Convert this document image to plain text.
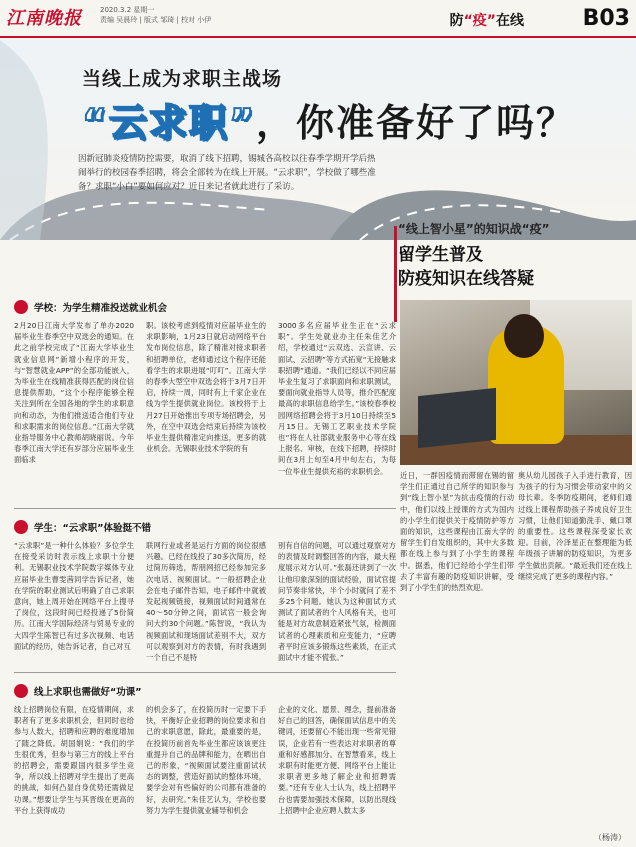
江南晚报	2020.3.2 星期一
责编 吴晨玲 | 版式 邹琦 | 校对 小伊	防“疫”在线	B03
当线上成为求职主战场
“云求职”，你准备好了吗？
因新冠肺炎疫情防控需要，取消了线下招聘，锡城各高校以往春季学期开学后热闹举行的校园春季招聘，将会全部转为在线上开展。“云求职”，学校做了哪些准备？求职“小白”要如何应对？近日来记者就此进行了采访。
“线上智小星”的知识战“疫”
留学生普及
防疫知识在线答疑
学校：为学生精准投送就业机会
2月20日江南大学发布了单办2020届毕业生春季空中双选会的通知。在此之前学校完成了“江南大学毕业生就业信息网”新增小程序的开发，与“智慧就业APP”的全部功能嵌入，为毕业生在线精准获得匹配的岗位信息提供帮助，“这个小程序能够全程关注到所在全国各地的学生的求职意向和动态，为他们推送适合他们专业和求职需求的岗位信息。”江南大学就业指导服务中心教师胡晓丽说。今年春季江南大学还有岁部分应届毕业生面临求
职。该校考虑到疫情对应届毕业生的求职影响，1月23日就启动网络平台发布岗位信息，除了精准对接求职者和招聘单位，老师通过这个程序还能看学生的求职进展“叮叮”。江南大学的春季大型空中双选会将于3月7日开启，持续一周，同时有上千家企业在线为学生提供就业岗位。该校将于上月27日开始推出专项专场招聘会，另外，在空中双选会结束后持续为该校毕业生提供精准定向推送，更多的就业机会。无锡职业技术学院的有
3000多名应届毕业生正在“云求职”。学生处就业办主任朱佳艺介绍，学校通过“云双选、云宣讲、云面试、云招聘”等方式拓宽“无接触求职招聘”通道。“我们已经以不同应届毕业生复习了求职面向和求职测试，要面向就业指导人员等，推介匹配度最高的求职信息给学生。”该校春季校园网络招聘会将于3月10日持续至5月15日。无锡工艺职业技术学院也“将在人社部就业服务中心等在线上报名、审核，在线下招聘，持续时间在3月上旬至4月中旬左右，为每一位毕业生提供充裕的求职机会。
学生：“云求职”体验挺不错
“云求职”是一种什么体验？多位学生在接受采访时表示线上求职十分便利。无锡职业技术学院数字媒体专业应届毕业生曹雯茜同学告诉记者，她在学院的职业测试后明确了自己求职意向，她上周开始在网络平台上搜寻了岗位，这段时间已经投递了5份简历。江南大学国际经济与贸易专业的大四学生陈智已有过多次视频、电话面试的经历，她告诉记者，自己对互
联网行业或者是运行方面的岗位很感兴趣。已经在线投了30多次简历，经过简历筛选，帮朋网招已经参加完多次电话、视频面试。“一般招聘企业会在电子邮件告知，电子邮件中就被发起视频链接，视频面试时间通常在40～50分钟之间，面试官一般会询问大约30个问题。”陈智说，“我认为视频面试和现场面试差别不大，双方可以观察到对方的表情，有时我遇到一个自己不是特
别有自信的问题，可以通过观察对方的表情及时调整回答的内容，最大程度展示对方认可。”张磊还讲到了一次让他印象深刻的面试经验，面试官提问节奏非常快，半个小时就问了差不多25个问题。她认为这种面试方式测试了面试者的个人风格有关，也可能是对方故意制造紧张气氛，检测面试者的心理素质和应变能力，“应聘者平时应该多锻炼这些素质，在正式面试中才能不慌张。”
线上求职也需做好“功课”
线上招聘岗位有限，在疫情期间，求职者有了更多求职机会，但同时也给参与人数大，招聘和应聘的难度增加了随之降低。胡国娟说：“我们的学生很优秀，但参与第三方的线上平台的招聘会，需要跟国内很多学生竞争，所以线上招聘对学生提出了更高的挑战，如何凸显自身优势还需做足功课。”想要让学生与其晋级在更高的平台上获得成功
的机会多了，在投简历时一定要下手快，平衡好企业招聘的岗位要求和自己的求职意愿，除此，最重要的是，在投简历前首先毕业生都应该该更注重提升自己的品牌和能力，在晒出自己的形象，“视频面试要注重面试状态的调整，营造好面试的整体环境，要学会对有些偏好的公司都有准备的好，去研究。”朱佳艺认为，学校也要努力为学生提供就业辅导和机会
企业的文化、愿景、理念，提前准备好自己的回答，确保面试信息中的关键词，还要留心不能出现一些常见错误，企业若有一些表达对求职者的尊重和好感都加分。在智慧看来，线上求职有时能更方便、网络平台上能让求职者更多地了解企业和招聘需要。”还有专业人士认为，线上招聘平台也需要加强技术保障，以防出现线上招聘中企业应聘人数太多
近日，一群因疫情而滞留在锡的留学生们正通过自己所学的知识参与到“线上智小星”为抗击疫情的行动中，他们以线上授课的方式为国内的小学生们提供关于疫情防护等方面的知识，这些课程由江南大学的留学生们自发组织的，其中大多数都在线上参与到了小学生的课程中。据悉，他们已经给小学生们带去了丰富有趣的防疫知识讲解，受到了小学生们的热烈欢迎。
奥从幼儿园孩子入手进行教育，因为孩子的行为习惯会带动家中的父母长辈。冬季防疫期间，老师们通过线上课程帮助孩子养成良好卫生习惯，让他们知道勤洗手、戴口罩的重要性。这些课程深受家长欢迎。目前，冷泽星正在整理能为低年级孩子讲解的防疫知识，为更多学生做出贡献。“最近我们还在线上继续完成了更多的课程内容。”
（杨涛）
